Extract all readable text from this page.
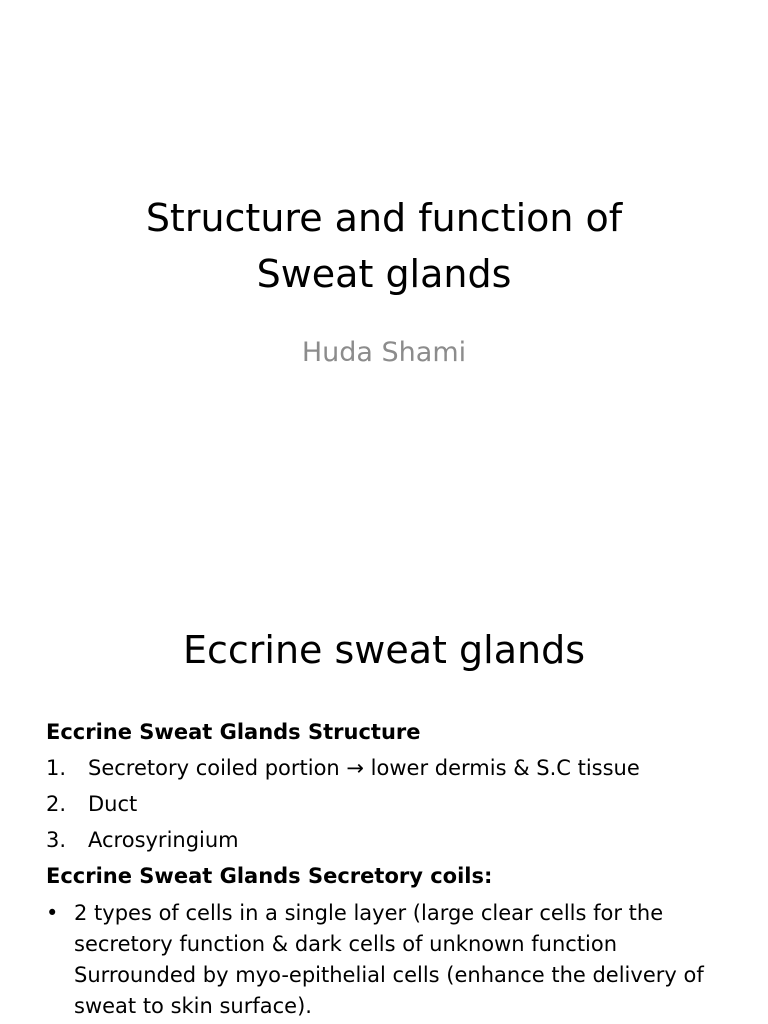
Structure and function of
Sweat glands
Huda Shami
Eccrine sweat glands
Eccrine Sweat Glands Structure
1.	Secretory coiled portion → lower dermis & S.C tissue
2.	Duct
3.	Acrosyringium
Eccrine Sweat Glands Secretory coils:
• 2 types of cells in a single layer (large clear cells for the secretory function & dark cells of unknown function Surrounded by myo-epithelial cells (enhance the delivery of sweat to skin surface).
